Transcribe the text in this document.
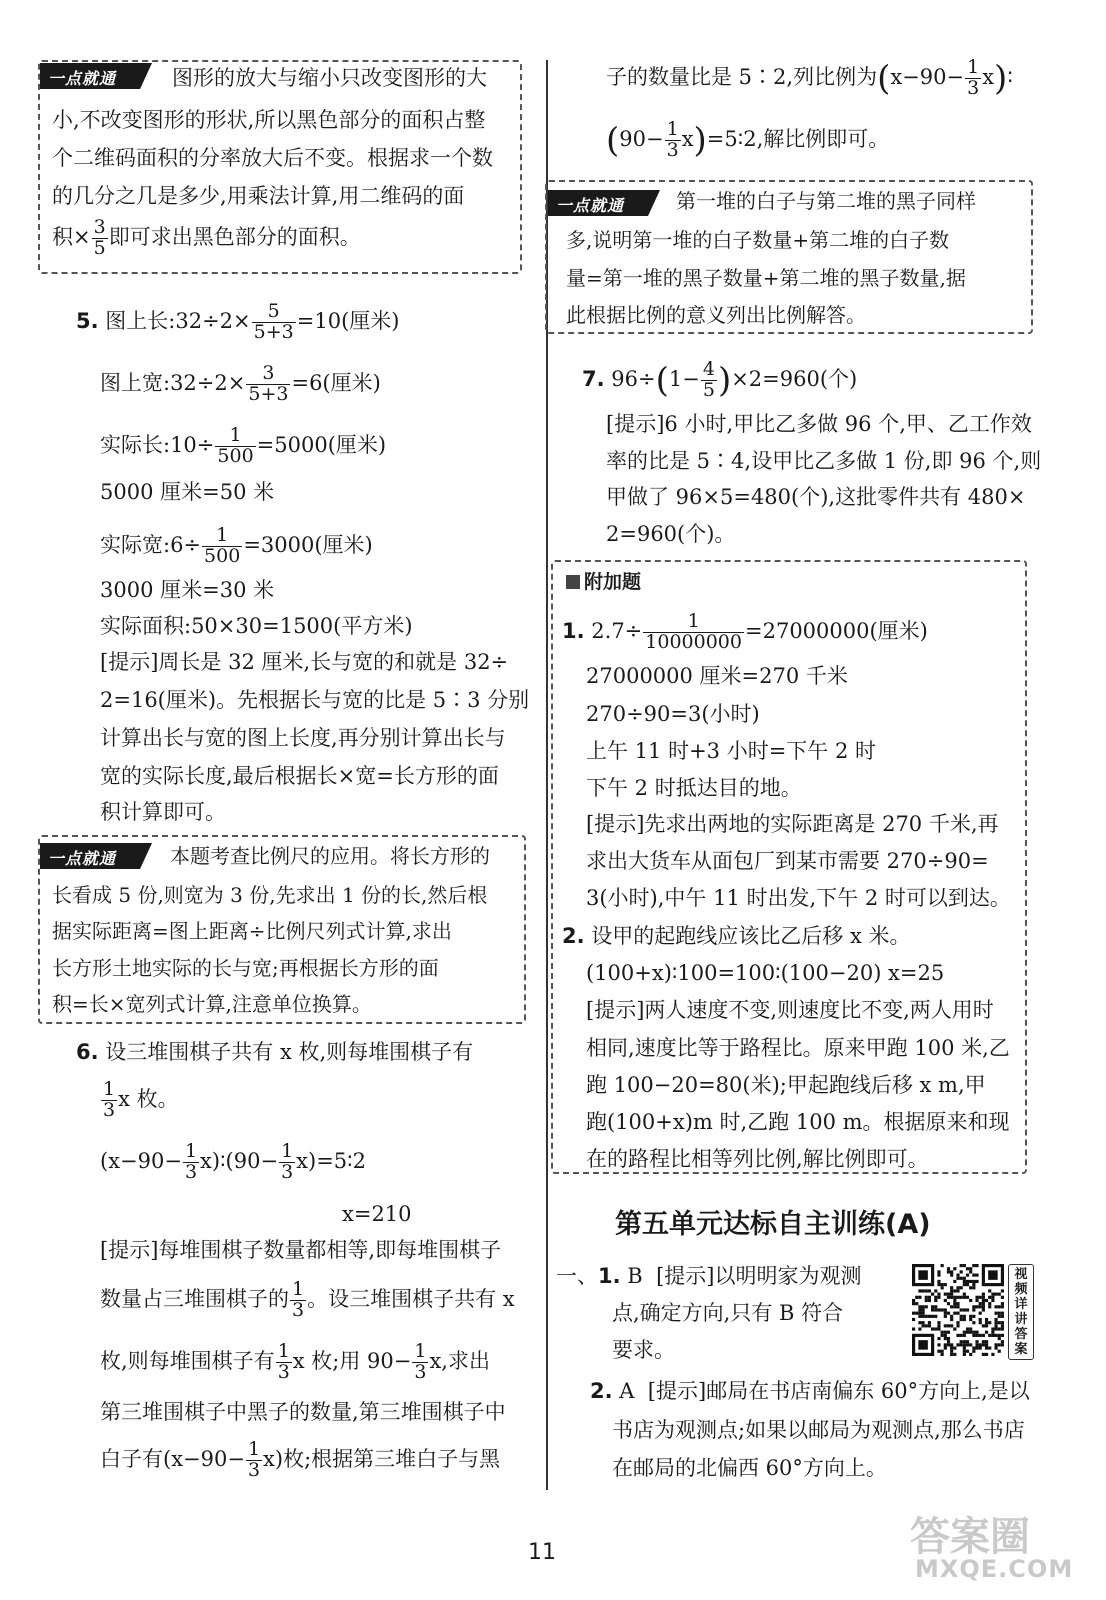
一点就通	图形的放大与缩小只改变图形的大
小,不改变图形的形状,所以黑色部分的面积占整
个二维码面积的分率放大后不变。根据求一个数
的几分之几是多少,用乘法计算,用二维码的面
积× $\frac{3}{5}$ 即可求出黑色部分的面积。
5. 图上长:32÷2× $\frac{5}{5+3} =10$(厘米)
图上宽:32÷2× $\frac{3}{5+3} =6$(厘米)
实际长:10÷ $\frac{1}{500} =5000$(厘米)
5000 厘米=50 米
实际宽:6÷ $\frac{1}{500} =3000$(厘米)
3000 厘米=30 米
实际面积:50×30=1500(平方米)
[提示]周长是 32 厘米,长与宽的和就是 32÷
2=16(厘米)。先根据长与宽的比是 5∶3 分别
计算出长与宽的图上长度,再分别计算出长与
宽的实际长度,最后根据长×宽=长方形的面
积计算即可。
一点就通	本题考查比例尺的应用。将长方形的
长看成 5 份,则宽为 3 份,先求出 1 份的长,然后根
据实际距离=图上距离÷比例尺列式计算,求出
长方形土地实际的长与宽;再根据长方形的面
积=长×宽列式计算,注意单位换算。
6. 设三堆围棋子共有 x 枚,则每堆围棋子有
$\frac{1}{3}$ x 枚。
($x-90- \frac{1}{3}$ x)∶(90− $\frac{1}{3}$ x)=5∶2
x=210
[提示]每堆围棋子数量都相等,即每堆围棋子
数量占三堆围棋子的 $\frac{1}{3}$ 。设三堆围棋子共有 x
枚,则每堆围棋子有 $\frac{1}{3}$ x 枚;用 $90- \frac{1}{3} x$,求出
第三堆围棋子中黑子的数量,第三堆围棋子中
白子有$(x-90- \frac{1}{3} x)$枚;根据第三堆白子与黑
子的数量比是 5∶2,列比例为($x-90- \frac{1}{3}$ x)∶
($90- \frac{1}{3}$ x)=5∶2,解比例即可。
一点就通	第一堆的白子与第二堆的黑子同样
多,说明第一堆的白子数量+第二堆的白子数
量=第一堆的黑子数量+第二堆的黑子数量,据
此根据比例的意义列出比例解答。
7. $96\div(1- \frac{4}{5} )\times 2=960$(个)
[提示]6 小时,甲比乙多做 96 个,甲、乙工作效
率的比是 5∶4,设甲比乙多做 1 份,即 96 个,则
甲做了 96×5=480(个),这批零件共有 480×
2=960(个)。
附加题
1. $2.7\div \frac{1}{10000000} =27000000$(厘米)
27000000 厘米=270 千米
270÷90=3(小时)
上午 11 时+3 小时=下午 2 时
下午 2 时抵达目的地。
[提示]先求出两地的实际距离是 270 千米,再
求出大货车从面包厂到某市需要 270÷90=
3(小时),中午 11 时出发,下午 2 时可以到达。
2. 设甲的起跑线应该比乙后移 x 米。
(100+x)∶100=100∶(100−20) x=25
[提示]两人速度不变,则速度比不变,两人用时
相同,速度比等于路程比。原来甲跑 100 米,乙
跑 100−20=80(米);甲起跑线后移 x m,甲
跑(100+x)m 时,乙跑 100 m。根据原来和现
在的路程比相等列比例,解比例即可。
第五单元达标自主训练(A)
一、1. B  [提示]以明明家为观测
点,确定方向,只有 B 符合
要求。
视频详讲答案
2. A  [提示]邮局在书店南偏东 60°方向上,是以
书店为观测点;如果以邮局为观测点,那么书店
在邮局的北偏西 60°方向上。
11	答案圈
MXQE.COM
